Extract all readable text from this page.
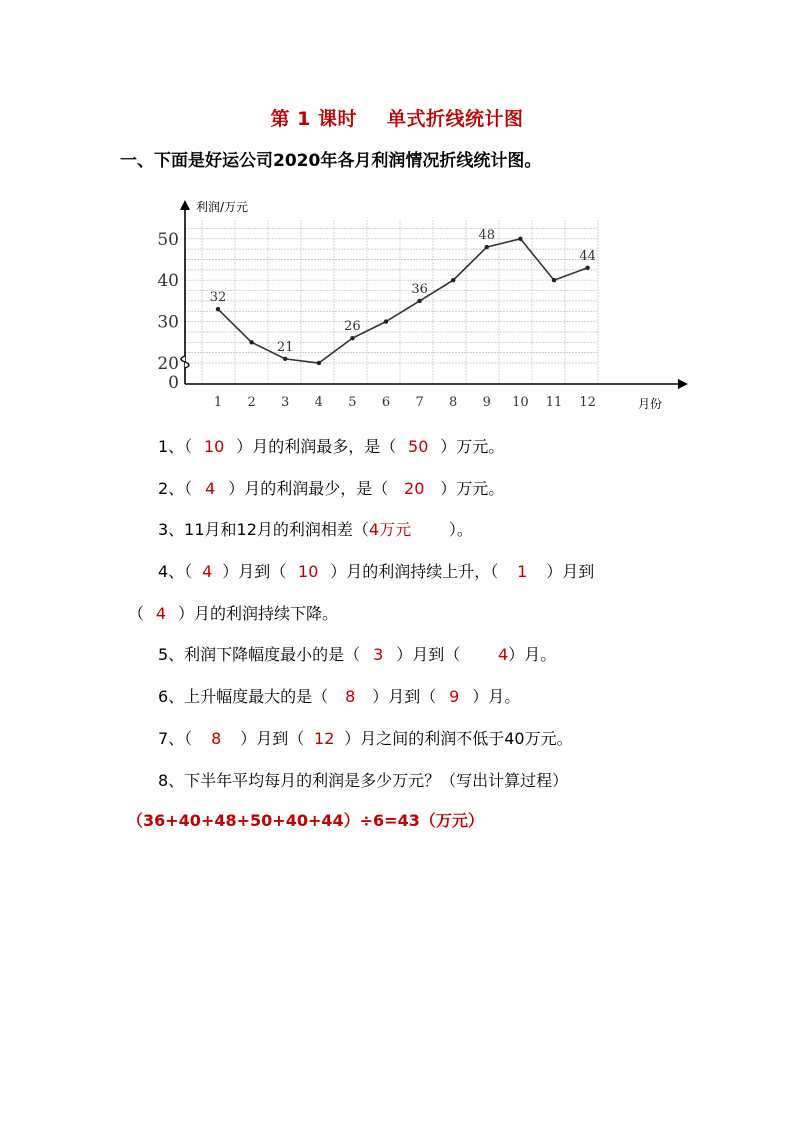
第 1 课时 单式折线统计图
一、下面是好运公司2020年各月利润情况折线统计图。
0
20
30
40
50
1 2 3 4 5 6 7 8 9 10 11 12
32
21
26
36
48
44
利润/万元
月份
1、（ 10 ）月的利润最多，是（ 50 ）万元。
2、（ 4 ）月的利润最少，是（ 20 ）万元。
3、11月和12月的利润相差（4万元 ）。
4、（ 4 ）月到（ 10 ）月的利润持续上升，（ 1 ）月到
（ 4 ）月的利润持续下降。
5、利润下降幅度最小的是（ 3 ）月到（ 4）月。
6、上升幅度最大的是（ 8 ）月到（ 9 ）月。
7、（ 8 ）月到（ 12 ）月之间的利润不低于40万元。
8、下半年平均每月的利润是多少万元？（写出计算过程）
（36+40+48+50+40+44）÷6=43（万元）
